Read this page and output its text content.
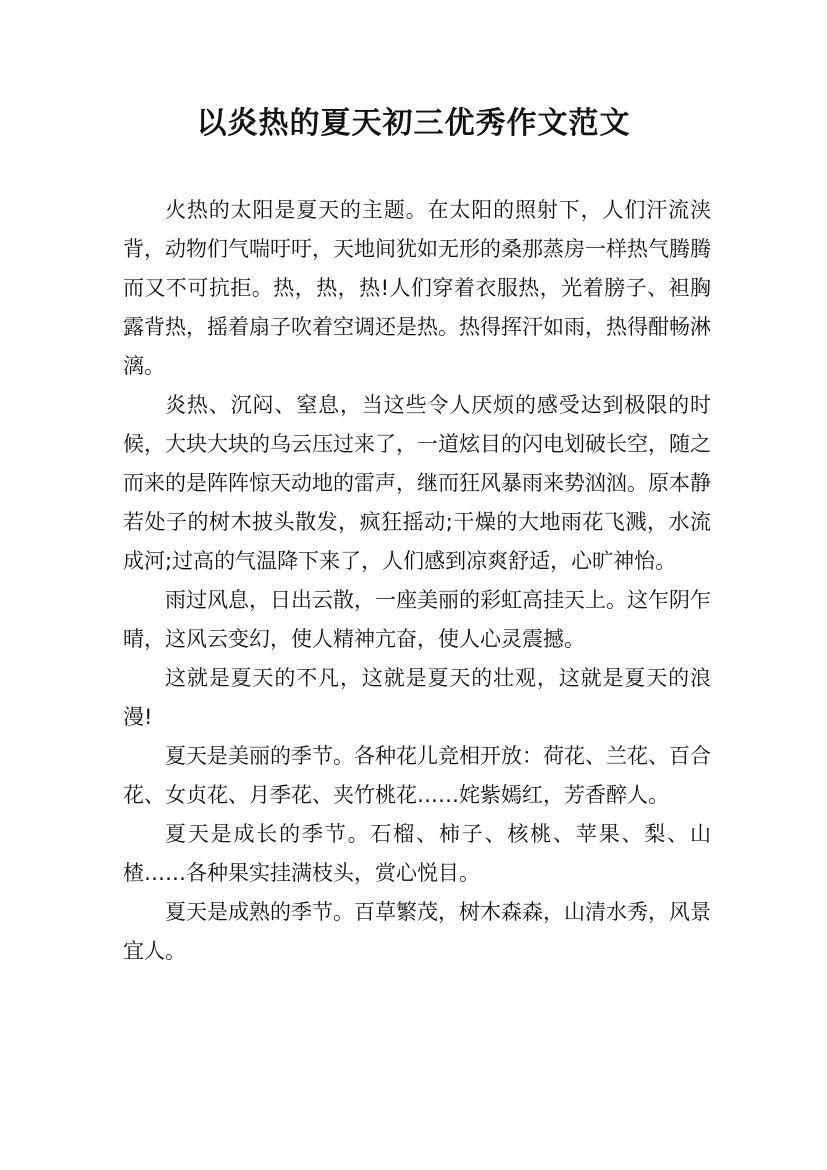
以炎热的夏天初三优秀作文范文

火热的太阳是夏天的主题。在太阳的照射下，人们汗流浃背，动物们气喘吁吁，天地间犹如无形的桑那蒸房一样热气腾腾而又不可抗拒。热，热，热!人们穿着衣服热，光着膀子、袒胸露背热，摇着扇子吹着空调还是热。热得挥汗如雨，热得酣畅淋漓。

炎热、沉闷、窒息，当这些令人厌烦的感受达到极限的时候，大块大块的乌云压过来了，一道炫目的闪电划破长空，随之而来的是阵阵惊天动地的雷声，继而狂风暴雨来势汹汹。原本静若处子的树木披头散发，疯狂摇动;干燥的大地雨花飞溅，水流成河;过高的气温降下来了，人们感到凉爽舒适，心旷神怡。

雨过风息，日出云散，一座美丽的彩虹高挂天上。这乍阴乍晴，这风云变幻，使人精神亢奋，使人心灵震撼。

这就是夏天的不凡，这就是夏天的壮观，这就是夏天的浪漫!

夏天是美丽的季节。各种花儿竞相开放：荷花、兰花、百合花、女贞花、月季花、夹竹桃花……姹紫嫣红，芳香醉人。

夏天是成长的季节。石榴、柿子、核桃、苹果、梨、山楂……各种果实挂满枝头，赏心悦目。

夏天是成熟的季节。百草繁茂，树木森森，山清水秀，风景宜人。
